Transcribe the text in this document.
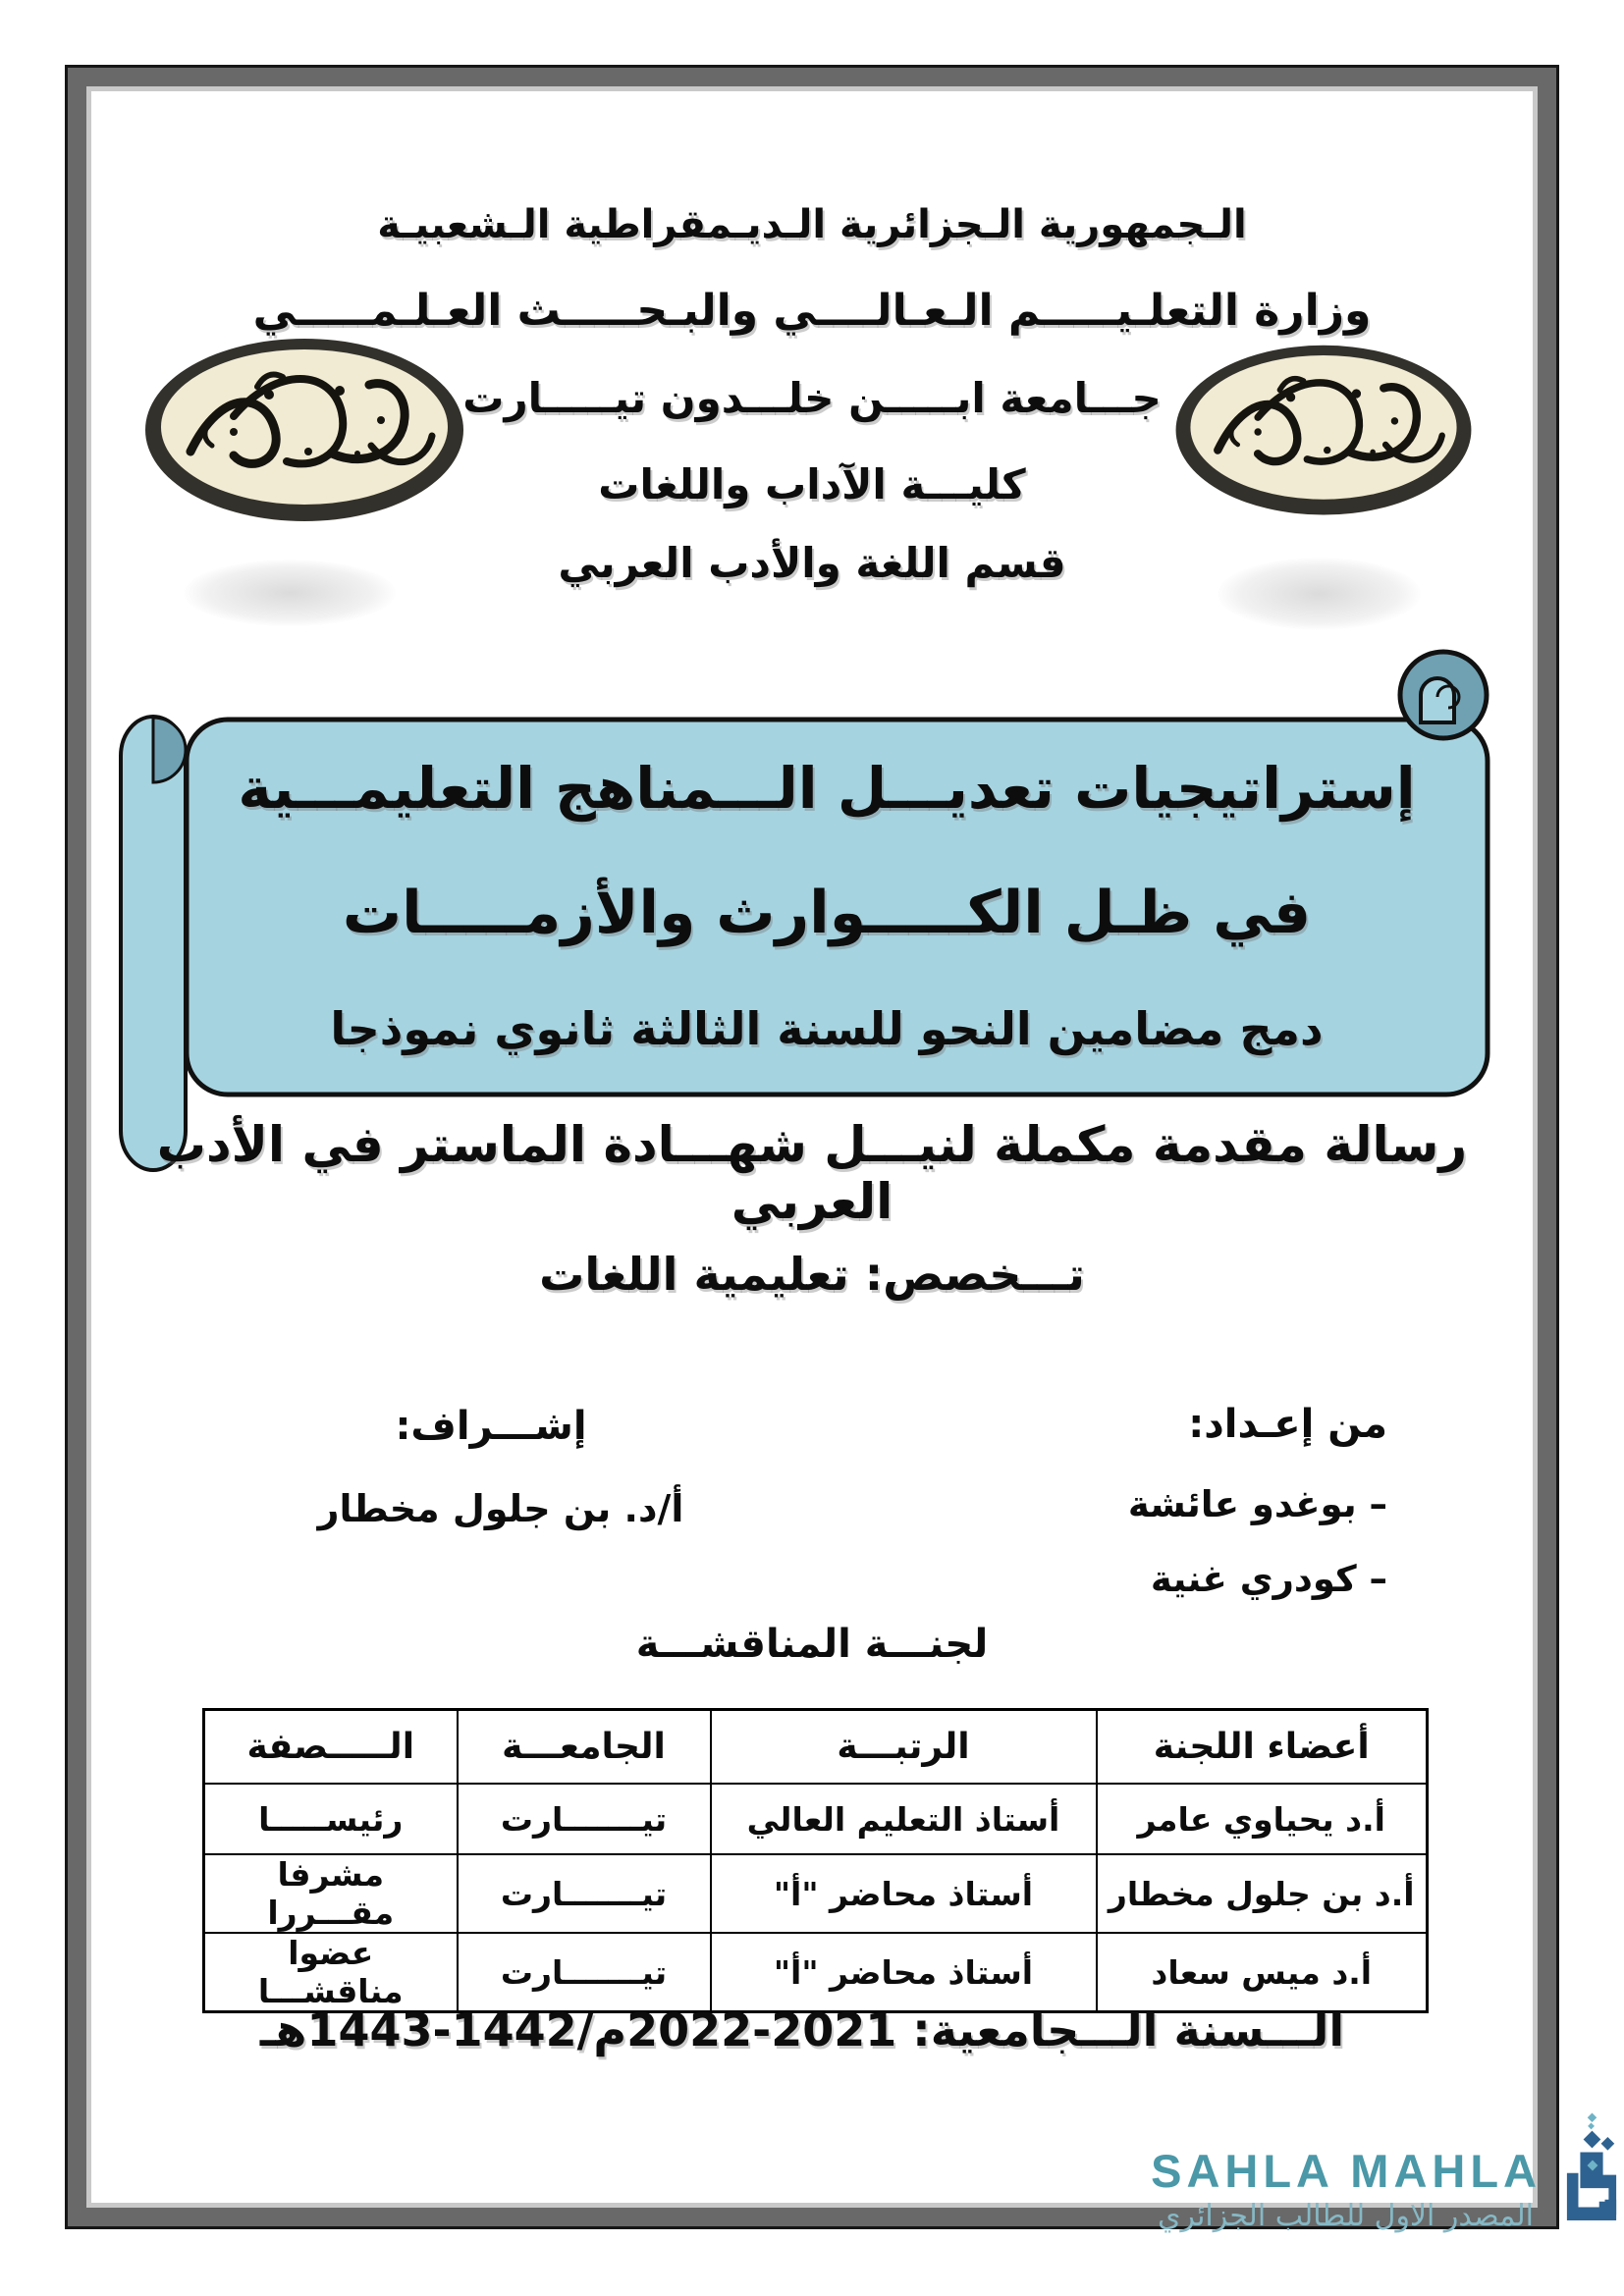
الـجمهورية الـجزائرية الـديـمقراطية الـشعبيـة
وزارة التعلـيـــــم الـعـالــــي والبـحـــــث العـلـمـــــي
جـــامعة ابـــــن خلـــدون تيـــــارت
كليـــة الآداب واللغات
قسم اللغة والأدب العربي
إستراتيجيات تعديـــل الـــمناهج التعليمـــية
في ظـل الكـــــوارث والأزمـــــات
دمج مضامين النحو للسنة الثالثة ثانوي نموذجا
رسالة مقدمة مكملة لنيـــل شهـــادة الماستر في الأدب العربي
تـــخصص: تعليمية اللغات
من إعـداد:
– بوغدو عائشة
– كودري غنية
إشـــراف:
أ/د. بن جلول مخطار
لجنـــة المناقشـــة
أعضاء اللجنة	الرتبـــة	الجامعـــة	الـــــصفة
أ.د يحياوي عامر	أستاذ التعليم العالي	تيـــــــارت	رئيســـــا
أ.د بن جلول مخطار	أستاذ محاضر "أ"	تيـــــــارت	مشرفا مقـــررا
أ.د ميس سعاد	أستاذ محاضر "أ"	تيـــــــارت	عضوا مناقشـــا
الـــسنة الـــجامعية: 2021-2022م/1442-1443هـ
SAHLA MAHLA
المصدر الاول للطالب الجزائري
